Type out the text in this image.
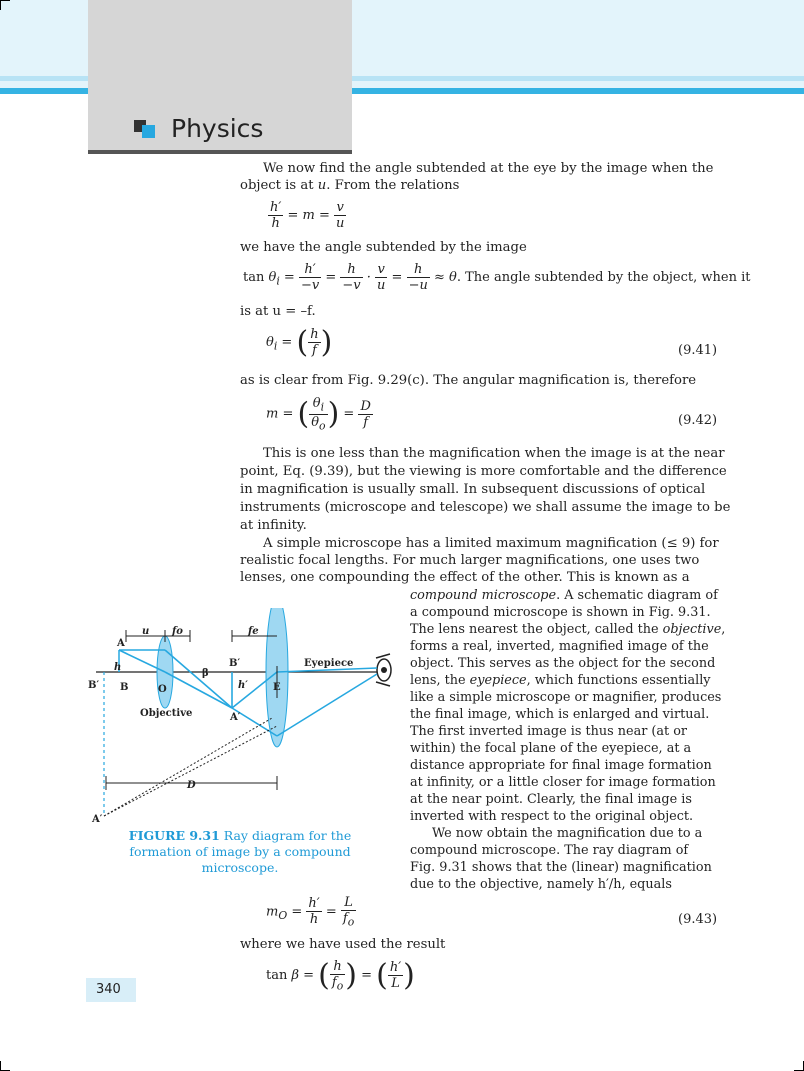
Physics
We now find the angle subtended at the eye by the image when the
object is at u. From the relations
$\frac{h'}{h} = m = \frac{v}{u}$
we have the angle subtended by the image
$\tan \theta_i = \frac{h'}{-v} = \frac{h}{-v} \cdot \frac{v}{u} = \frac{h}{-u} \approx \theta$. The angle subtended by the object, when it
is at u = –f.
$\theta_i$ = ( $\frac{h}{f}$ )	(9.41)
as is clear from Fig. 9.29(c). The angular magnification is, therefore
m = ( $\frac{\theta_i}{\theta_o}$ ) = $\frac{D}{f}$	(9.42)
This is one less than the magnification when the image is at the near
point, Eq. (9.39), but the viewing is more comfortable and the difference
in magnification is usually small. In subsequent discussions of optical
instruments (microscope and telescope) we shall assume the image to be
at infinity.
A simple microscope has a limited maximum magnification (≤ 9) for
realistic focal lengths. For much larger magnifications, one uses two
lenses, one compounding the effect of the other. This is known as a
compound microscope. A schematic diagram of
a compound microscope is shown in Fig. 9.31.
The lens nearest the object, called the objective,
forms a real, inverted, magnified image of the
object. This serves as the object for the second
lens, the eyepiece, which functions essentially
like a simple microscope or magnifier, produces
the final image, which is enlarged and virtual.
The first inverted image is thus near (at or
within) the focal plane of the eyepiece, at a
distance appropriate for final image formation
at infinity, or a little closer for image formation
at the near point. Clearly, the final image is
inverted with respect to the original object.
We now obtain the magnification due to a
compound microscope. The ray diagram of
Fig. 9.31 shows that the (linear) magnification
due to the objective, namely h′/h, equals
$m_O = \frac{h'}{h} = \frac{L}{f_o}$	(9.43)
where we have used the result
tan β = ( $\frac{h}{f_o}$ ) = ( $\frac{h'}{L}$ )
340
A
B
B′
A′
A′
B′
h
h′
O	E
fo	fe
u
D
β
Objective
Eyepiece
FIGURE 9.31 Ray diagram for the formation of image by a compound microscope.
